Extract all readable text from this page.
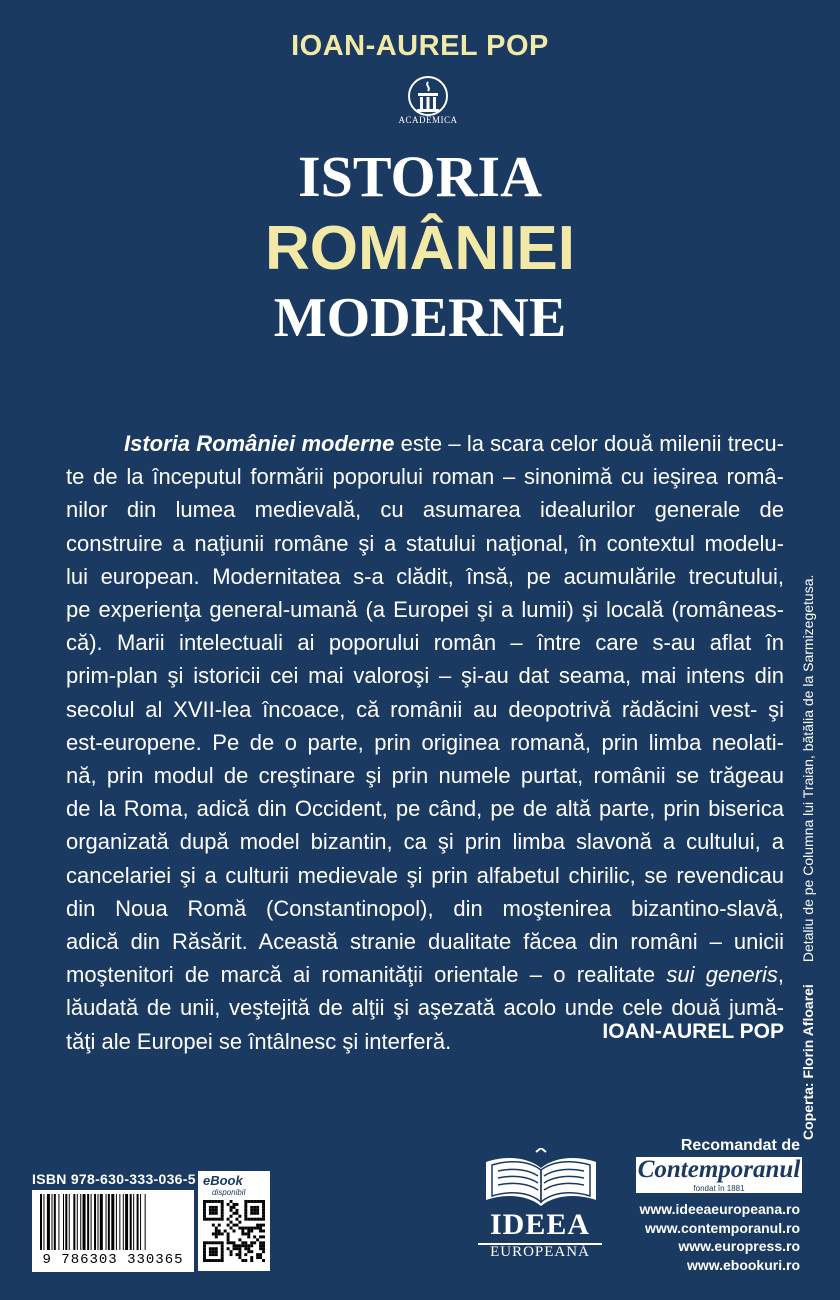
IOAN-AUREL POP
ACADEMICA
ISTORIA
ROMÂNIEI
MODERNE
Istoria României moderne este – la scara celor două milenii trecu-
te de la începutul formării poporului roman – sinonimă cu ieşirea româ-
nilor din lumea medievală, cu asumarea idealurilor generale de
construire a naţiunii române şi a statului naţional, în contextul modelu-
lui european. Modernitatea s-a clădit, însă, pe acumulările trecutului,
pe experienţa general-umană (a Europei şi a lumii) şi locală (româneas-
că). Marii intelectuali ai poporului român – între care s-au aflat în
prim-plan şi istoricii cei mai valoroşi – şi-au dat seama, mai intens din
secolul al XVII-lea încoace, că românii au deopotrivă rădăcini vest- şi
est-europene. Pe de o parte, prin originea romană, prin limba neolati-
nă, prin modul de creştinare şi prin numele purtat, românii se trăgeau
de la Roma, adică din Occident, pe când, pe de altă parte, prin biserica
organizată după model bizantin, ca şi prin limba slavonă a cultului, a
cancelariei şi a culturii medievale şi prin alfabetul chirilic, se revendicau
din Noua Romă (Constantinopol), din moştenirea bizantino-slavă,
adică din Răsărit. Această stranie dualitate făcea din români – unicii
moştenitori de marcă ai romanităţii orientale – o realitate sui generis,
lăudată de unii, veştejită de alţii şi aşezată acolo unde cele două jumă-
tăţi ale Europei se întâlnesc şi interferă.	IOAN-AUREL POP Coperta: Florin AfloareiDetaliu de pe Columna lui Traian, bătălia de la Sarmizegetusa.
ISBN 978-630-333-036-5
9 786303 330365
eBook
disponibil
IDEEA
EUROPEANĂ
Recomandat de
Contemporanul
fondat în 1881
www.ideeaeuropeana.ro
www.contemporanul.ro
www.europress.ro
www.ebookuri.ro
